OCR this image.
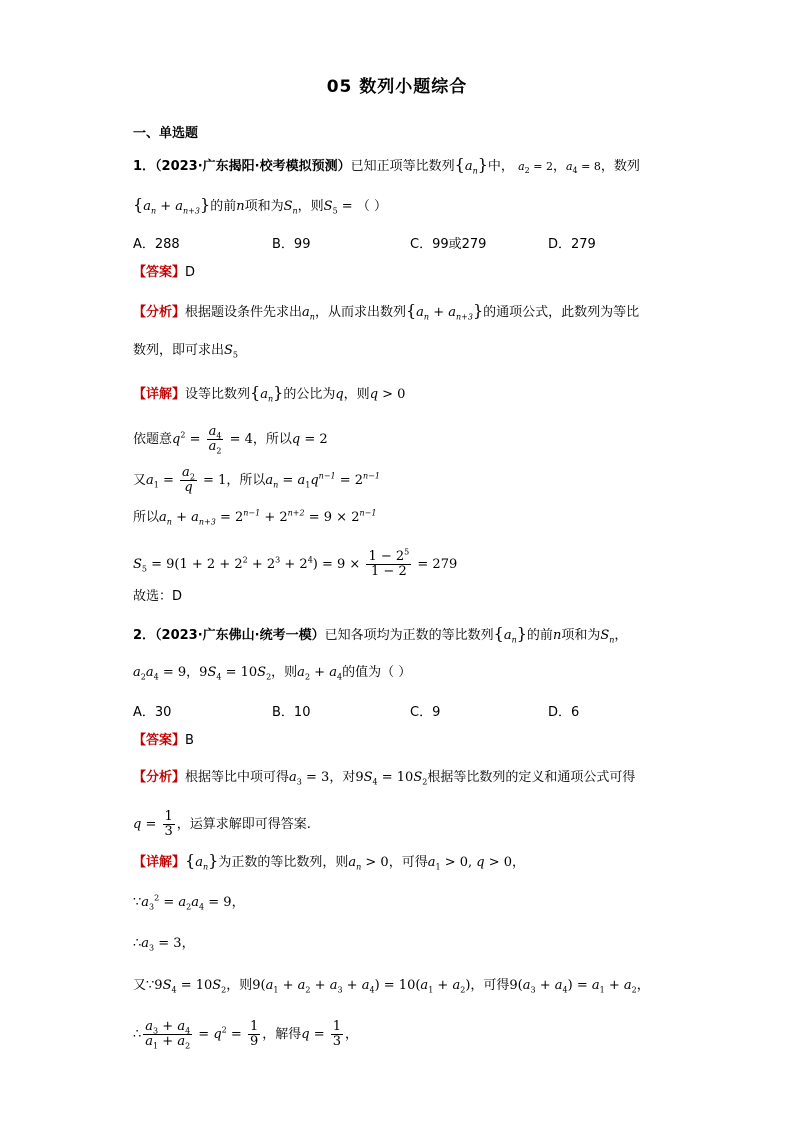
05 数列小题综合
一、单选题
1．（2023·广东揭阳·校考模拟预测）已知正项等比数列$\{a_n\}$中， $a_2 = 2$，$a_4 = 8$，数列
$\{a_n + a_{n+3}\}$的前n项和为$S_n$，则$S_5$ = （ ）
A．288	B．99	C．99或279	D．279
【答案】D
【分析】根据题设条件先求出$a_n$，从而求出数列$\{a_n + a_{n+3}\}$的通项公式，此数列为等比
数列，即可求出$S_5$
【详解】设等比数列$\{a_n\}$的公比为q，则q > 0
依题意$q^2 = \frac{a_4}{a_2} = 4$，所以q = 2
又$a_1 = \frac{a_2}{q} = 1$，所以$a_n = a_1q^{n-1} = 2^{n-1}$
所以$a_n + a_{n+3} = 2^{n-1} + 2^{n+2} = 9 \times 2^{n-1}$
$S_5 = 9(1 + 2 + 2^2 + 2^3 + 2^4) = 9 \times \frac{1 - 2^5}{1 - 2} = 279$
故选：D
2．（2023·广东佛山·统考一模）已知各项均为正数的等比数列$\{a_n\}$的前n项和为$S_n$，
$a_2a_4 = 9$，$9S_4 = 10S_2$，则$a_2 + a_4$的值为（ ）
A．30	B．10	C．9	D．6
【答案】B
【分析】根据等比中项可得$a_3 = 3$，对$9S_4 = 10S_2$根据等比数列的定义和通项公式可得
$q = \frac{1}{3}$ ，运算求解即可得答案.
【详解】$\{a_n\}$为正数的等比数列，则$a_n > 0$，可得$a_1 > 0$, q > 0，
$\because a_3^2 = a_2a_4 = 9$，
$\therefore a_3 = 3$，
又$\because 9S_4 = 10S_2$，则$9(a_1 + a_2 + a_3 + a_4) = 10(a_1 + a_2)$，可得$9(a_3 + a_4) = a_1 + a_2$，
∴ $\frac{a_3 + a_4}{a_1 + a_2} = q^2 = \frac{1}{9}$ ，解得$q = \frac{1}{3}$ ，
